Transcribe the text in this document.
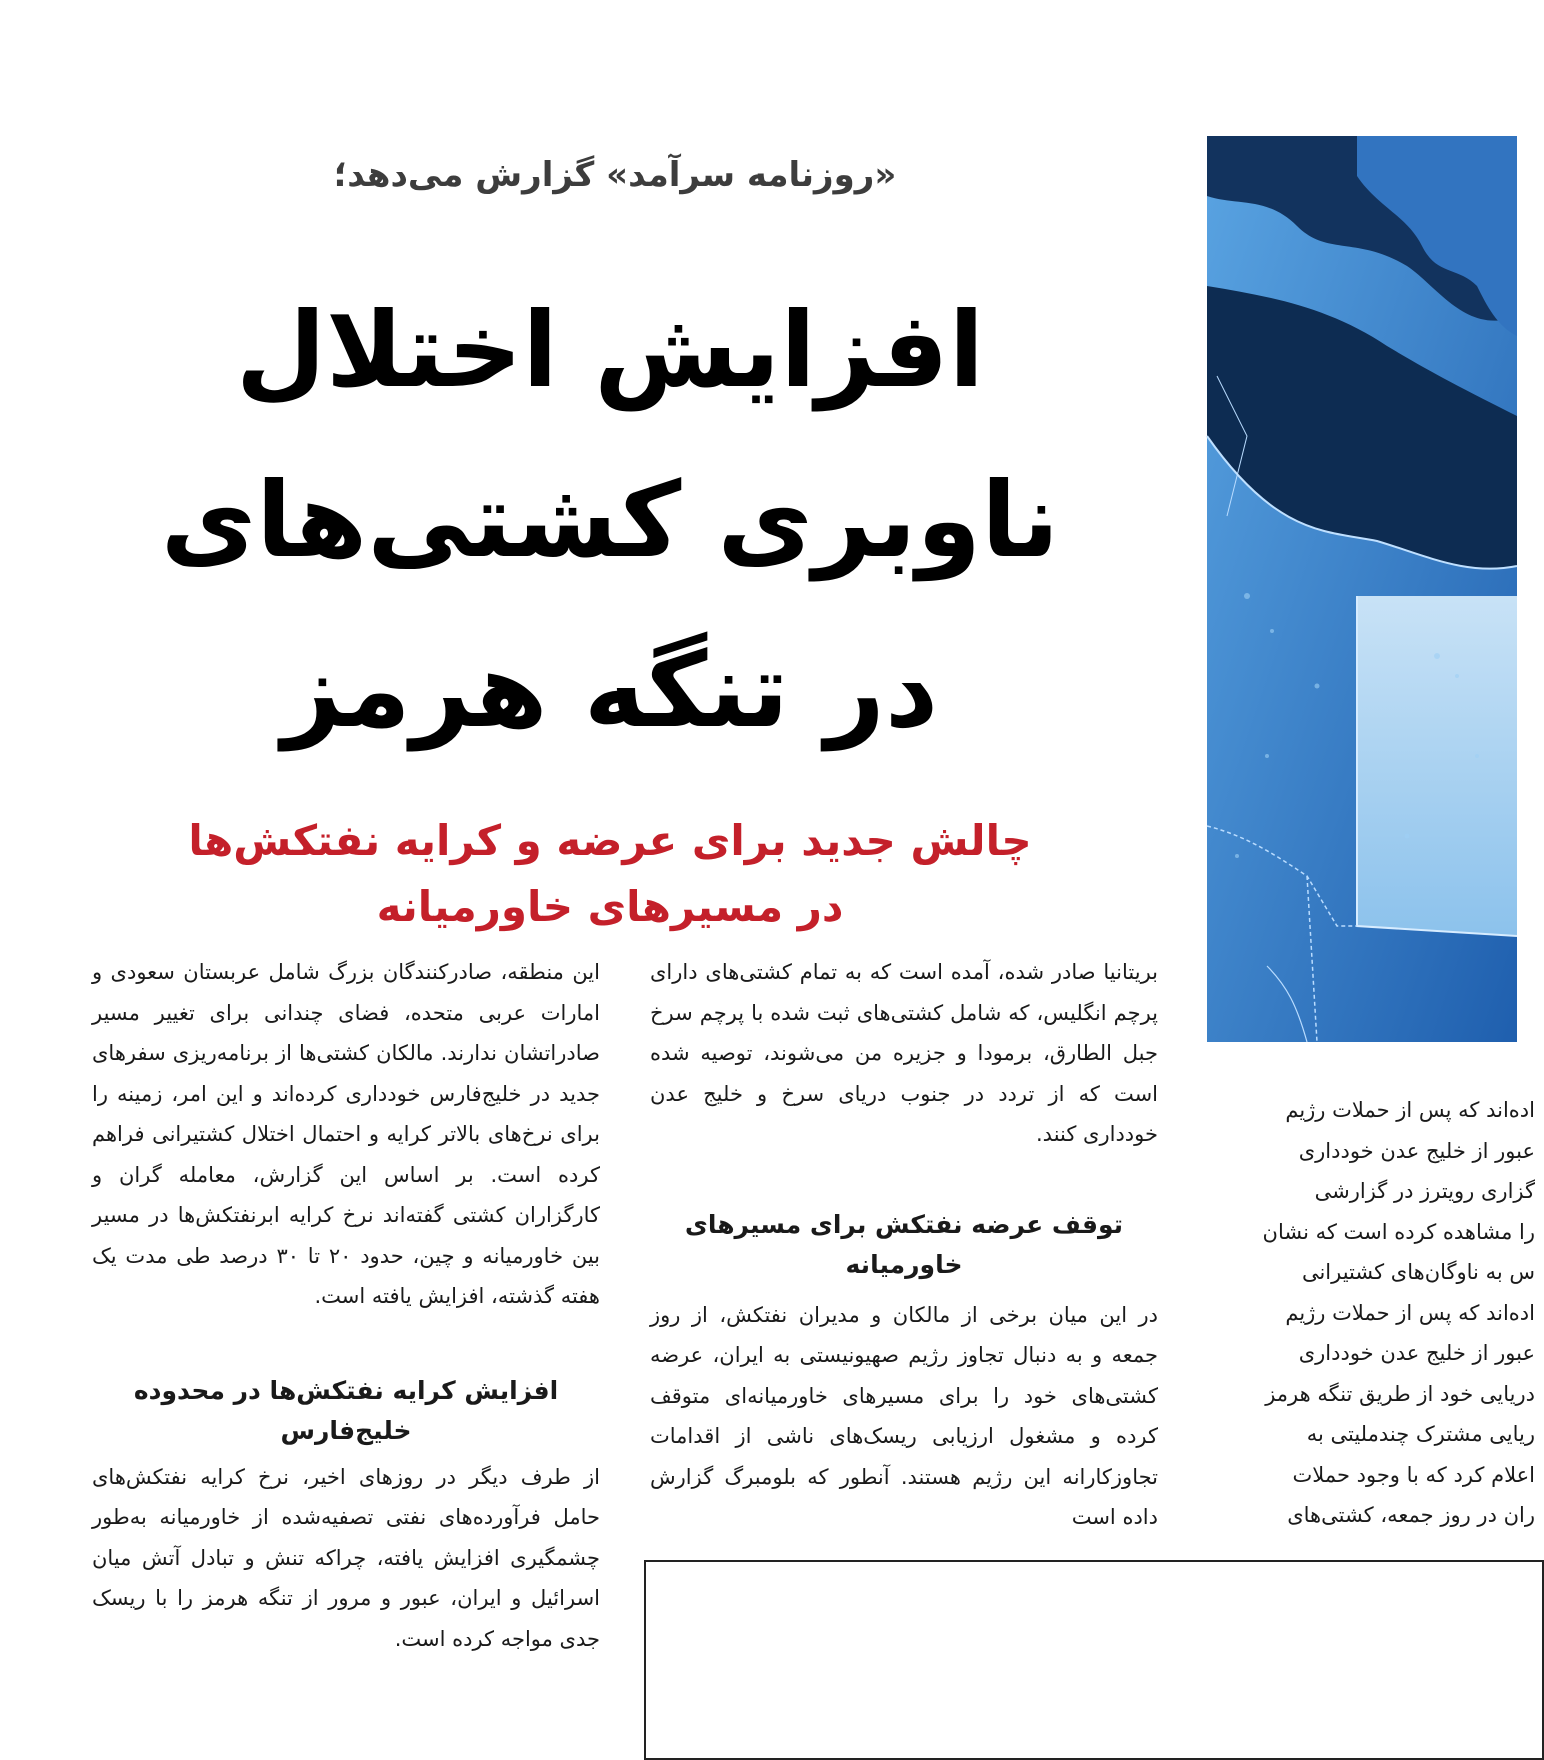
«روزنامه سرآمد» گزارش می‌دهد؛
افزایش اختلال
ناوبری کشتی‌های
در تنگه هرمز
چالش جدید برای عرضه و کرایه نفتکش‌ها
در مسیرهای خاورمیانه

این منطقه، صادرکنندگان بزرگ شامل عربستان سعودی و امارات عربی متحده، فضای چندانی برای تغییر مسیر صادراتشان ندارند. مالکان کشتی‌ها از برنامه‌ریزی سفرهای جدید در خلیج‌فارس خودداری کرده‌اند و این امر، زمینه را برای نرخ‌های بالاتر کرایه و احتمال اختلال کشتیرانی فراهم کرده است. بر اساس این گزارش، معامله گران و کارگزاران کشتی گفته‌اند نرخ کرایه ابرنفتکش‌ها در مسیر بین خاورمیانه و چین، حدود ۲۰ تا ۳۰ درصد طی مدت یک هفته گذشته، افزایش یافته است.

افزایش کرایه نفتکش‌ها در محدوده خلیج‌فارس

از طرف دیگر در روزهای اخیر، نرخ کرایه نفتکش‌های حامل فرآورده‌های نفتی تصفیه‌شده از خاورمیانه به‌طور چشمگیری افزایش یافته، چراکه تنش و تبادل آتش میان اسرائیل و ایران، عبور و مرور از تنگه هرمز را با ریسک جدی مواجه کرده است.

بریتانیا صادر شده، آمده است که به تمام کشتی‌های دارای پرچم انگلیس، که شامل کشتی‌های ثبت شده با پرچم سرخ جبل الطارق، برمودا و جزیره من می‌شوند، توصیه شده است که از تردد در جنوب دریای سرخ و خلیج عدن خودداری کنند.

توقف عرضه نفتکش برای مسیرهای خاورمیانه

در این میان برخی از مالکان و مدیران نفتکش، از روز جمعه و به دنبال تجاوز رژیم صهیونیستی به ایران، عرضه کشتی‌های خود را برای مسیرهای خاورمیانه‌ای متوقف کرده و مشغول ارزیابی ریسک‌های ناشی از اقدامات تجاوزکارانه این رژیم هستند. آنطور که بلومبرگ گزارش داده است

اده‌اند که پس از حملات رژیم

عبور از خلیج عدن خودداری

گزاری رویترز در گزارشی

را مشاهده کرده است که نشان

س به ناوگان‌های کشتیرانی

اده‌اند که پس از حملات رژیم

عبور از خلیج عدن خودداری

دریایی خود از طریق تنگه هرمز

ریایی مشترک چندملیتی به

اعلام کرد که با وجود حملات

ران در روز جمعه، کشتی‌های
